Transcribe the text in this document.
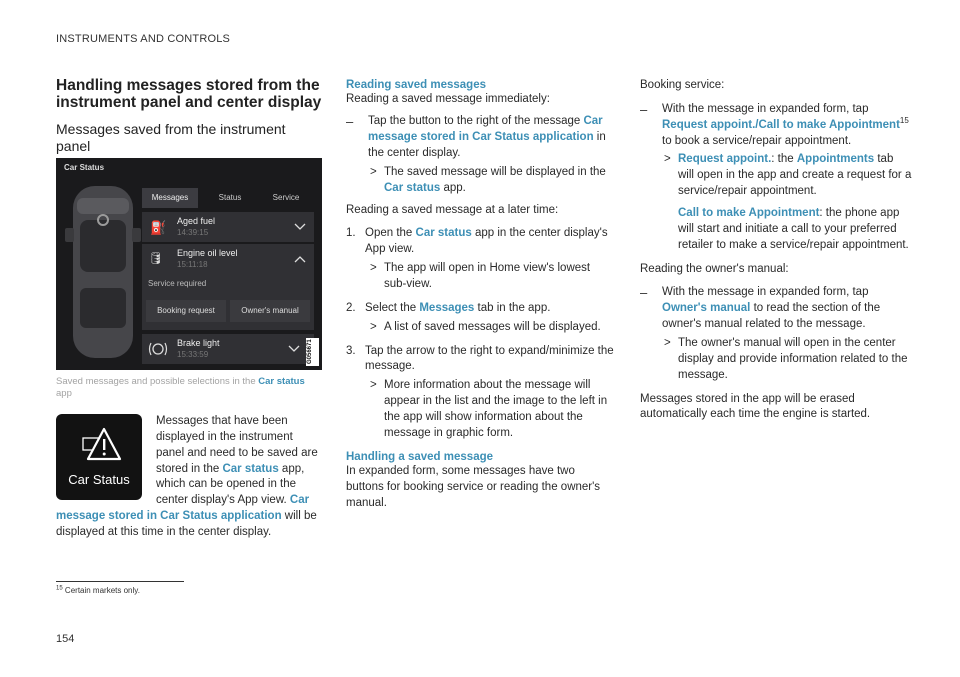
INSTRUMENTS AND CONTROLS
Handling messages stored from the instrument panel and center display
Messages saved from the instrument panel
Car Status
Messages	Status	Service
⛽ Aged fuel
14:39:15
🛢 Engine oil level
15:11:18
Service required
Booking request	Owner's manual
Brake light
15:33:59	G056671
Saved messages and possible selections in the Car status app
Car Status
Messages that have been displayed in the instrument panel and need to be saved are stored in the Car status app, which can be opened in the center display's App view. Car message stored in Car Status application will be displayed at this time in the center display.
Reading saved messages

Reading a saved message immediately:

–	Tap the button to the right of the message Car message stored in Car Status application in the center display.
> The saved message will be displayed in the Car status app.

Reading a saved message at a later time:

1. Open the Car status app in the center display's App view.
> The app will open in Home view's lowest sub-view.
2. Select the Messages tab in the app.
> A list of saved messages will be displayed.
3. Tap the arrow to the right to expand/minimize the message.
> More information about the message will appear in the list and the image to the left in the app will show information about the message in graphic form.
Handling a saved message

In expanded form, some messages have two buttons for booking service or reading the owner's manual.

Booking service:

–	With the message in expanded form, tap Request appoint./Call to make Appointment$^{15}$ to book a service/repair appointment.
> Request appoint.: the Appointments tab will open in the app and create a request for a service/repair appointment.
Call to make Appointment: the phone app will start and initiate a call to your preferred retailer to make a service/repair appointment.

Reading the owner's manual:

–	With the message in expanded form, tap Owner's manual to read the section of the owner's manual related to the message.
> The owner's manual will open in the center display and provide information related to the message.

Messages stored in the app will be erased automatically each time the engine is started.

$^{15}$ Certain markets only.
154
